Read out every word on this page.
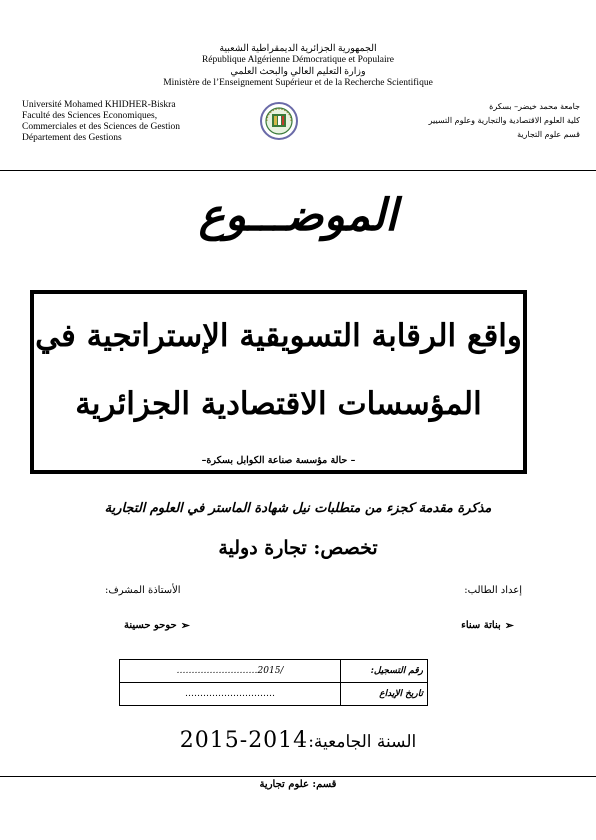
الجمهورية الجزائرية الديمقراطية الشعبية
République Algérienne Démocratique et Populaire
وزارة التعليم العالي والبحث العلمي
Ministère de l’Enseignement Supérieur et de la Recherche Scientifique
Université Mohamed KHIDHER-Biskra
Faculté des Sciences Economiques,
Commerciales et des Sciences de Gestion
Département des Gestions
جامعة محمد خيضر– بسكرة
كلية العلوم الاقتصادية والتجارية وعلوم التسيير
قسم علوم التجارية
الموضـــوع
واقع الرقابة التسويقية الإستراتجية في
المؤسسات الاقتصادية الجزائرية
– حالة مؤسسة صناعة الكوابل بسكرة–
مذكرة مقدمة كجزء من متطلبات نيل شهادة الماستر في العلوم التجارية
تخصص: تجارة دولية
إعداد الطالب:
الأستاذة المشرف:
➢
بناتة سناء
➢
حوحو حسينة
………………………2015/	رقم التسجيل:
…………………………	تاريخ الإيداع
السنة الجامعية:
2015-2014
قسم: علوم تجارية
